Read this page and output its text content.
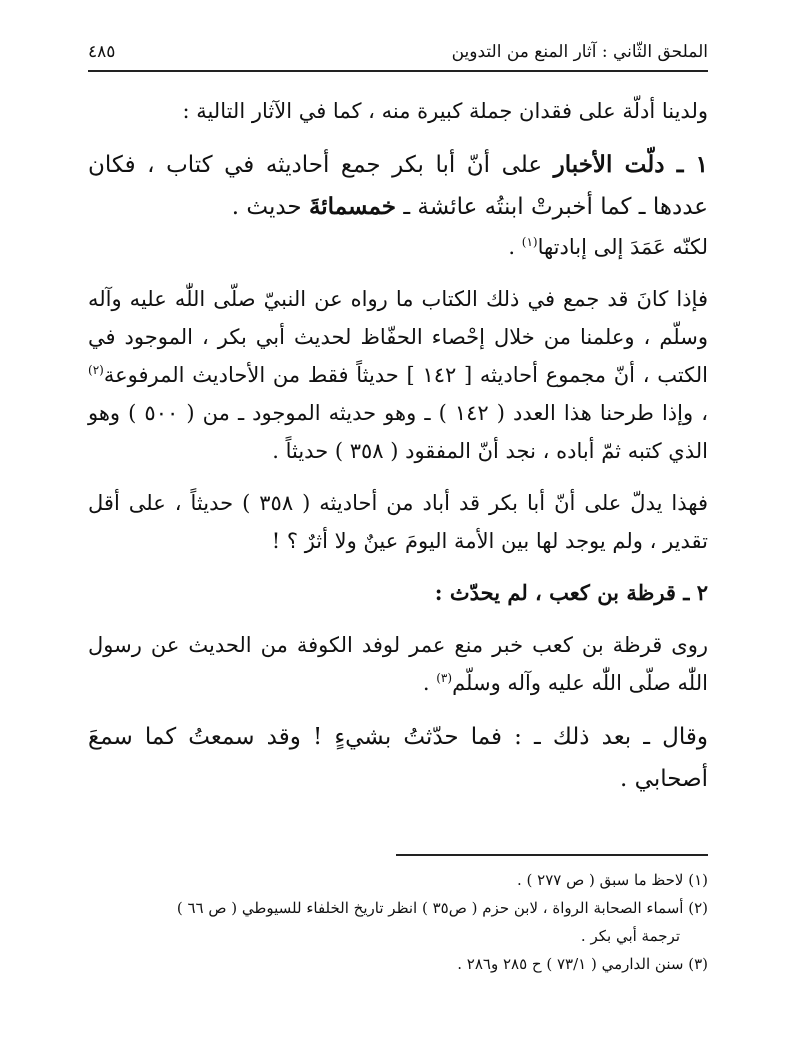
الملحق الثّاني : آثار المنع من التدوين
٤٨٥

ولدينا أدلّة على فقدان جملة كبيرة منه ، كما في الآثار التالية :

١ ـ دلّت الأخبار على أنّ أبا بكر جمع أحاديثه في كتاب ، فكان عددها ـ كما أخبرتْ ابنتُه عائشة ـ خمسمائةَ حديث .

لكنّه عَمَدَ إلى إبادتها$^{(١)}$ .

فإذا كانَ قد جمع في ذلك الكتاب ما رواه عن النبيّ صلّى اللّٰه عليه وآله وسلّم ، وعلمنا من خلال إحْصاء الحفّاظ لحديث أبي بكر ، الموجود في الكتب ، أنّ مجموع أحاديثه [ ١٤٢ ] حديثاً فقط من الأحاديث المرفوعة$^{(٢)}$ ، وإذا طرحنا هذا العدد ( ١٤٢ ) ـ وهو حديثه الموجود ـ من ( ٥٠٠ ) وهو الذي كتبه ثمّ أباده ، نجد أنّ المفقود ( ٣٥٨ ) حديثاً .

فهذا يدلّ على أنّ أبا بكر قد أباد من أحاديثه ( ٣٥٨ ) حديثاً ، على أقل تقدير ، ولم يوجد لها بين الأمة اليومَ عينٌ ولا أثرٌ ؟ !

٢ ـ قرظة بن كعب ، لم يحدّث :

روى قرظة بن كعب خبر منع عمر لوفد الكوفة من الحديث عن رسول اللّٰه صلّى اللّٰه عليه وآله وسلّم$^{(٣)}$ .

وقال ـ بعد ذلك ـ : فما حدّثتُ بشيءٍ ! وقد سمعتُ كما سمعَ أصحابي .

(١) لاحظ ما سبق ( ص ٢٧٧ ) .

(٢) أسماء الصحابة الرواة ، لابن حزم ( ص٣٥ ) انظر تاريخ الخلفاء للسيوطي ( ص ٦٦ )

ترجمة أبي بكر .

(٣) سنن الدارمي ( ٧٣/١ ) ح ٢٨٥ و٢٨٦ .
